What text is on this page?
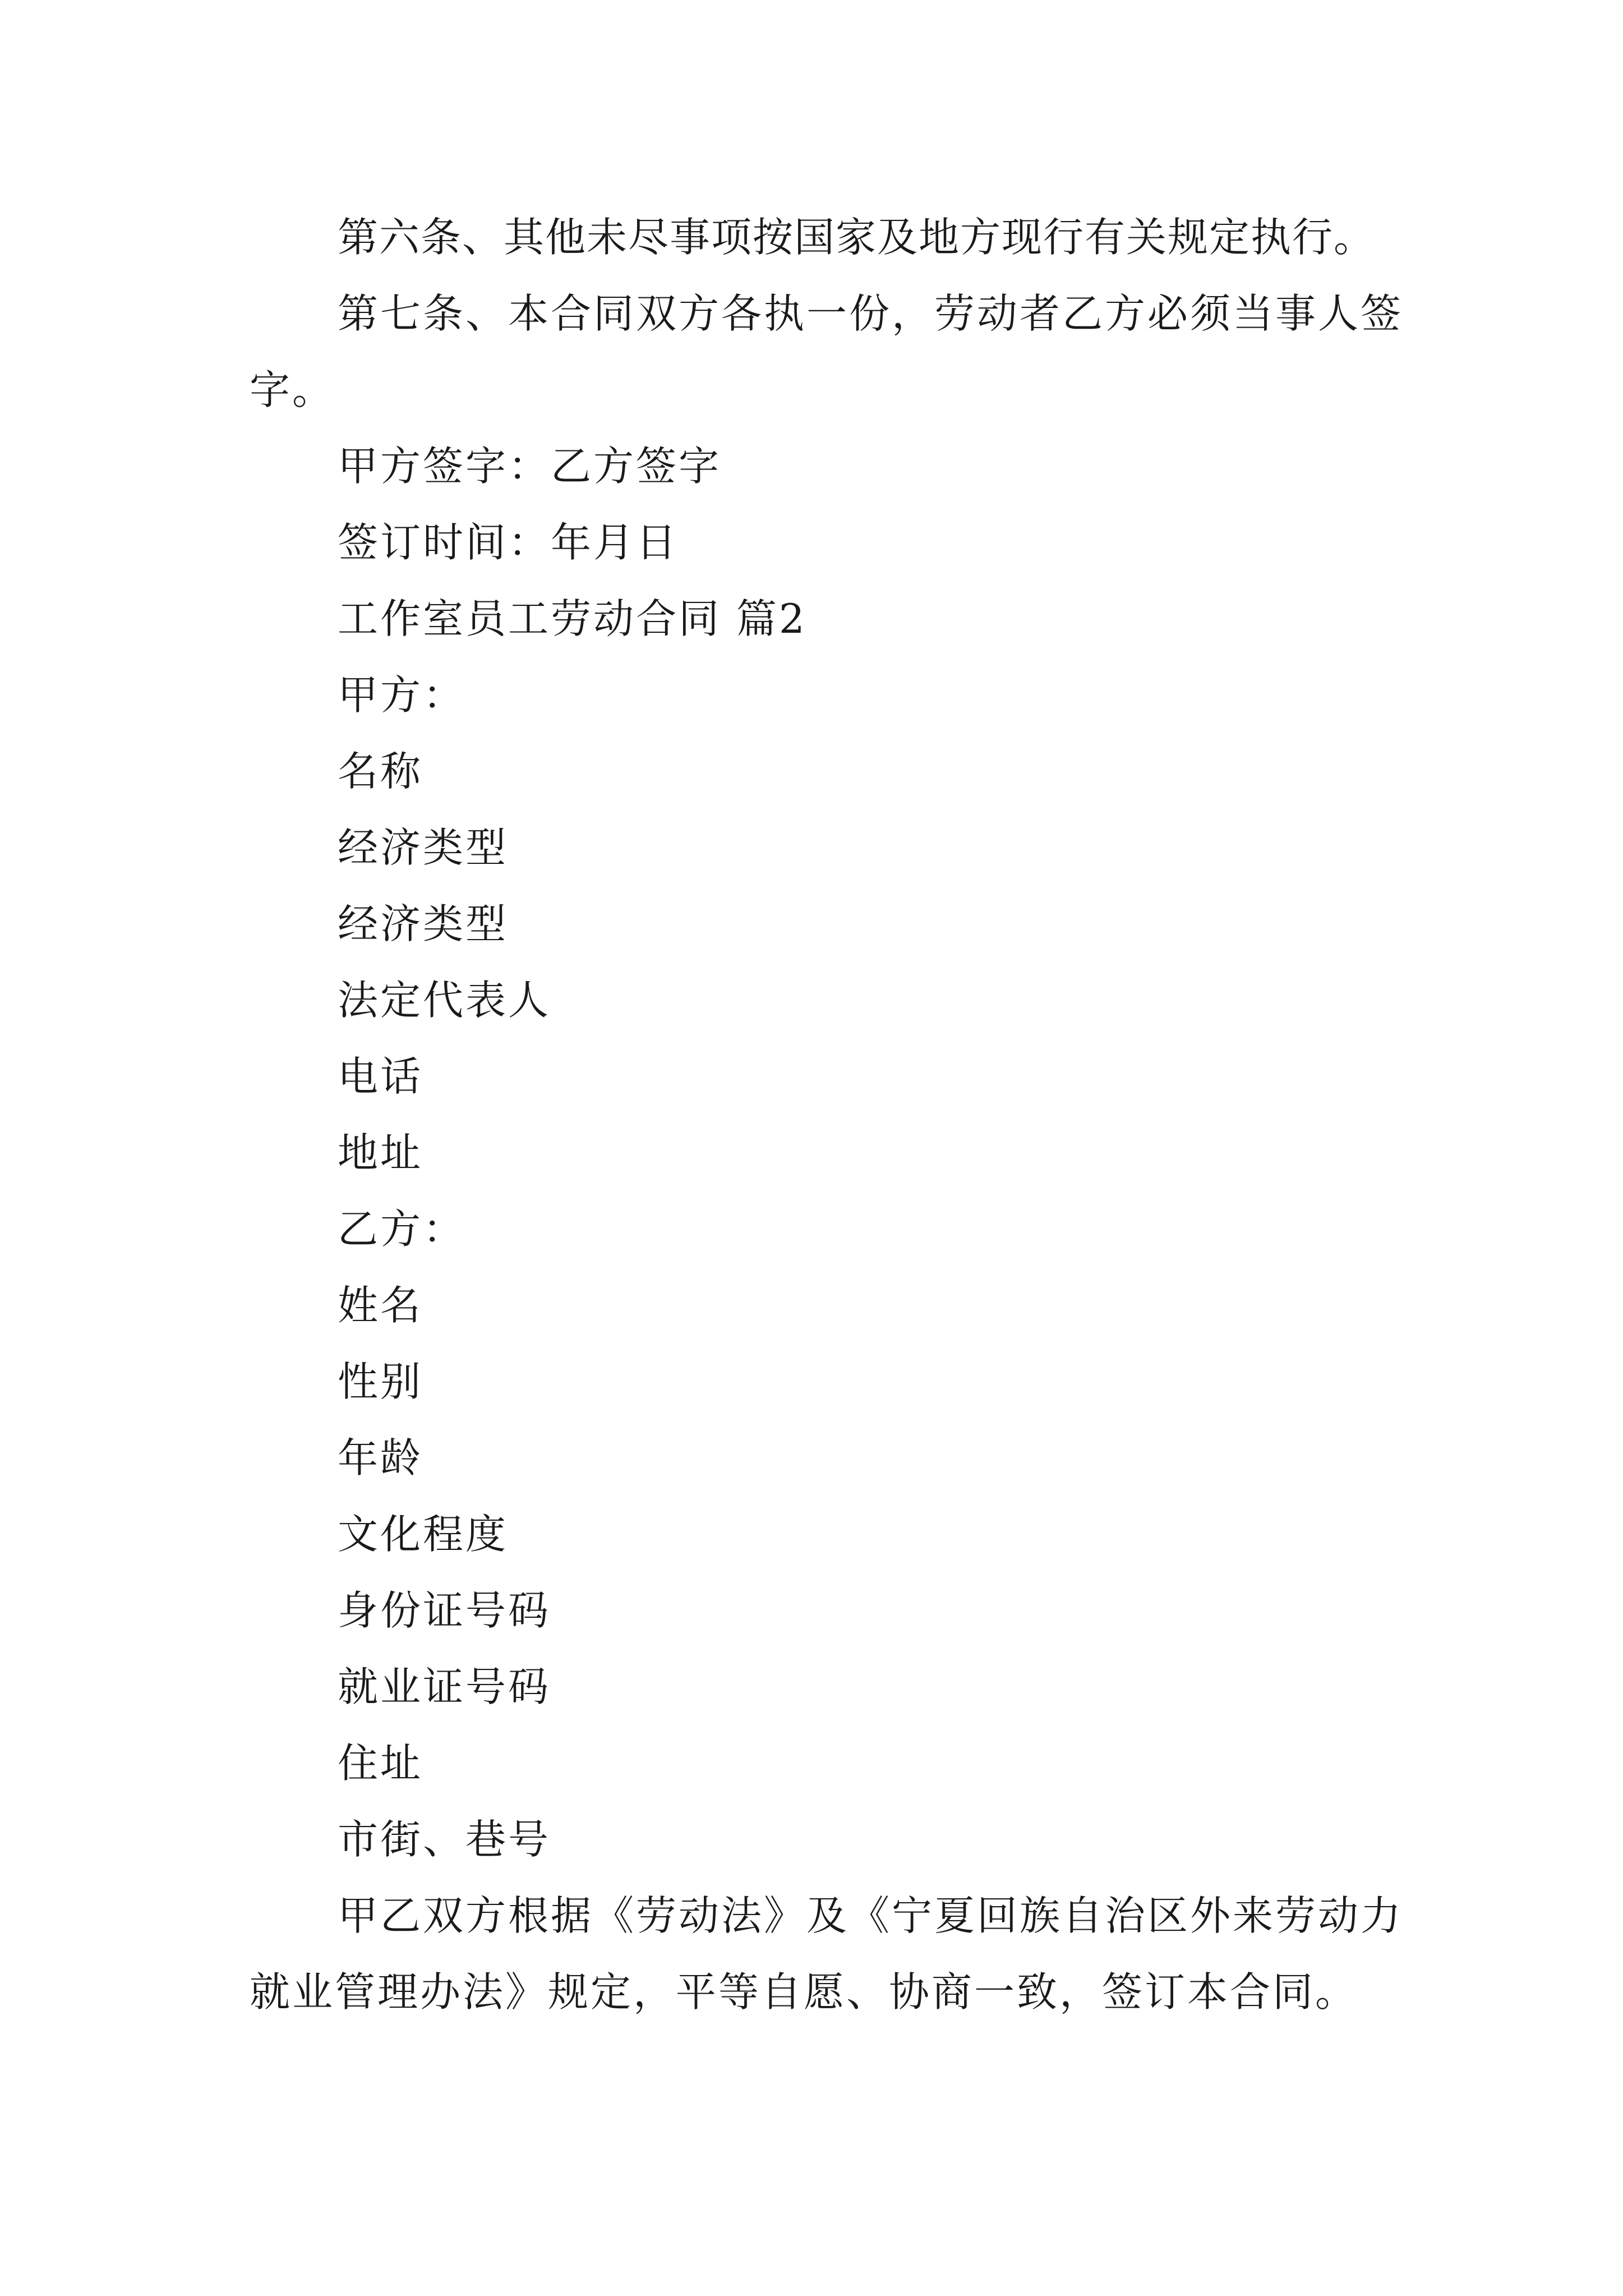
第六条、其他未尽事项按国家及地方现行有关规定执行。

第七条、本合同双方各执一份，劳动者乙方必须当事人签字。

甲方签字：乙方签字

签订时间：年月日

工作室员工劳动合同 篇2

甲方：

名称

经济类型

经济类型

法定代表人

电话

地址

乙方：

姓名

性别

年龄

文化程度

身份证号码

就业证号码

住址

市街、巷号

甲乙双方根据《劳动法》及《宁夏回族自治区外来劳动力就业管理办法》规定，平等自愿、协商一致，签订本合同。
